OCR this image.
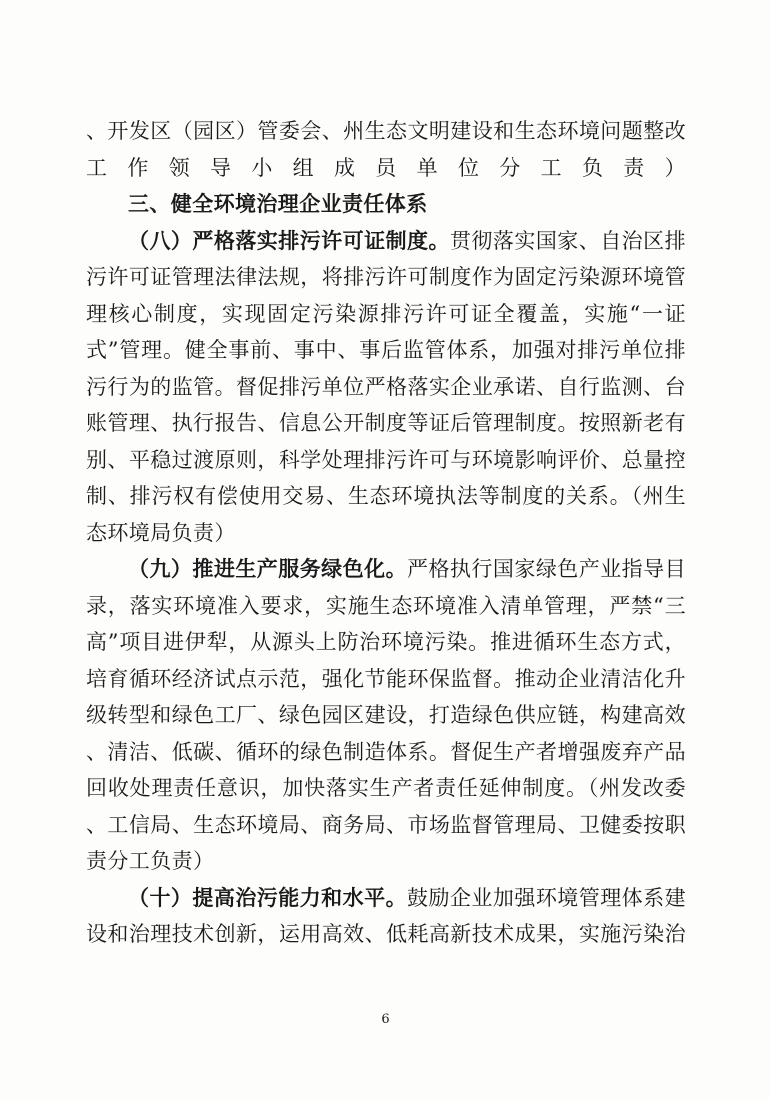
、开发区（园区）管委会、州生态文明建设和生态环境问题整改
工作领导小组成员单位分工负责）
三、健全环境治理企业责任体系
（八）严格落实排污许可证制度。贯彻落实国家、自治区排
污许可证管理法律法规，将排污许可制度作为固定污染源环境管
理核心制度，实现固定污染源排污许可证全覆盖，实施“一证
式”管理。健全事前、事中、事后监管体系，加强对排污单位排
污行为的监管。督促排污单位严格落实企业承诺、自行监测、台
账管理、执行报告、信息公开制度等证后管理制度。按照新老有
别、平稳过渡原则，科学处理排污许可与环境影响评价、总量控
制、排污权有偿使用交易、生态环境执法等制度的关系。（州生
态环境局负责）
（九）推进生产服务绿色化。严格执行国家绿色产业指导目
录，落实环境准入要求，实施生态环境准入清单管理，严禁“三
高”项目进伊犁，从源头上防治环境污染。推进循环生态方式，
培育循环经济试点示范，强化节能环保监督。推动企业清洁化升
级转型和绿色工厂、绿色园区建设，打造绿色供应链，构建高效
、清洁、低碳、循环的绿色制造体系。督促生产者增强废弃产品
回收处理责任意识，加快落实生产者责任延伸制度。（州发改委
、工信局、生态环境局、商务局、市场监督管理局、卫健委按职
责分工负责）
（十）提高治污能力和水平。鼓励企业加强环境管理体系建
设和治理技术创新，运用高效、低耗高新技术成果，实施污染治
6
